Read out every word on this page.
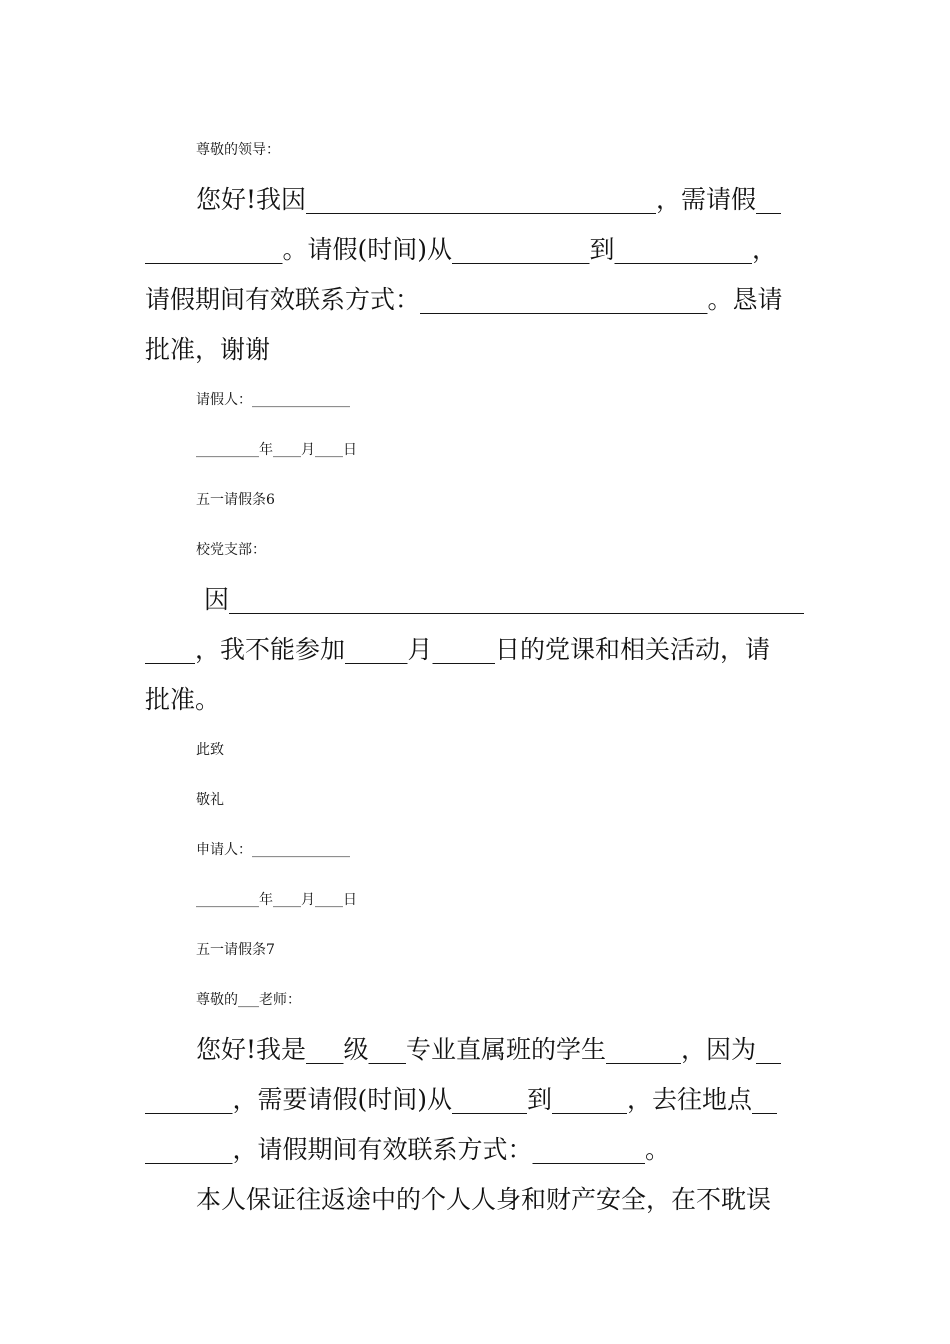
尊敬的领导：
您好!我因____________________________，需请假__
___________。请假(时间)从___________到___________，
请假期间有效联系方式：_______________________。恳请
批准，谢谢
请假人：______________
_________年____月____日
五一请假条6
校党支部：
因______________________________________________
____，我不能参加_____月_____日的党课和相关活动，请
批准。
此致
敬礼
申请人：______________
_________年____月____日
五一请假条7
尊敬的___老师：
您好!我是___级___专业直属班的学生______，因为__
_______，需要请假(时间)从______到______，去往地点__
_______，请假期间有效联系方式：_________。
本人保证往返途中的个人人身和财产安全，在不耽误
